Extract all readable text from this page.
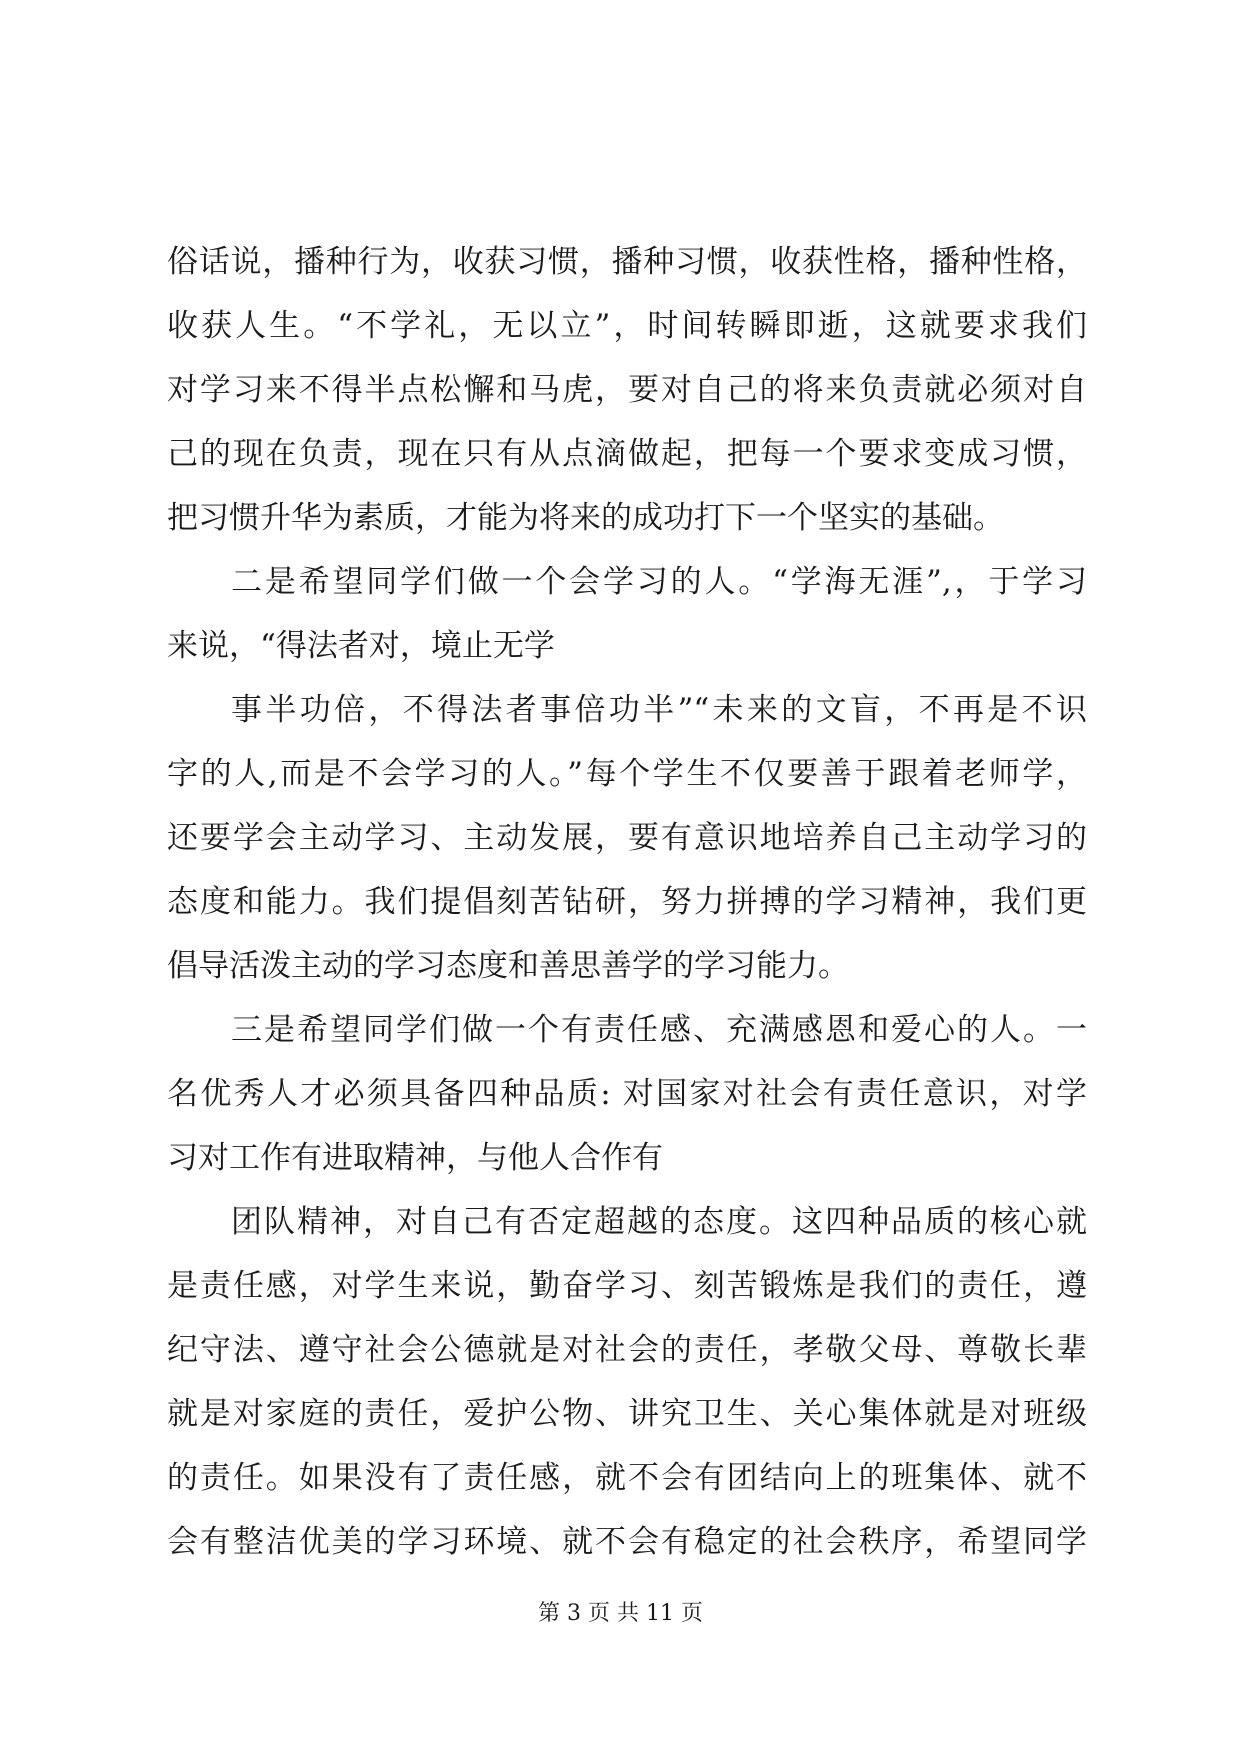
俗话说，播种行为，收获习惯，播种习惯，收获性格，播种性格，
收获人生。“不学礼，无以立”，时间转瞬即逝，这就要求我们
对学习来不得半点松懈和马虎，要对自己的将来负责就必须对自
己的现在负责，现在只有从点滴做起，把每一个要求变成习惯，
把习惯升华为素质，才能为将来的成功打下一个坚实的基础。
二是希望同学们做一个会学习的人。“学海无涯”,，于学习
来说，“得法者对，境止无学
事半功倍，不得法者事倍功半”“未来的文盲，不再是不识
字的人,而是不会学习的人。”每个学生不仅要善于跟着老师学，
还要学会主动学习、主动发展，要有意识地培养自己主动学习的
态度和能力。我们提倡刻苦钻研，努力拼搏的学习精神，我们更
倡导活泼主动的学习态度和善思善学的学习能力。
三是希望同学们做一个有责任感、充满感恩和爱心的人。一
名优秀人才必须具备四种品质: 对国家对社会有责任意识，对学
习对工作有进取精神，与他人合作有
团队精神，对自己有否定超越的态度。这四种品质的核心就
是责任感，对学生来说，勤奋学习、刻苦锻炼是我们的责任，遵
纪守法、遵守社会公德就是对社会的责任，孝敬父母、尊敬长辈
就是对家庭的责任，爱护公物、讲究卫生、关心集体就是对班级
的责任。如果没有了责任感，就不会有团结向上的班集体、就不
会有整洁优美的学习环境、就不会有稳定的社会秩序，希望同学
第 3 页 共 11 页
